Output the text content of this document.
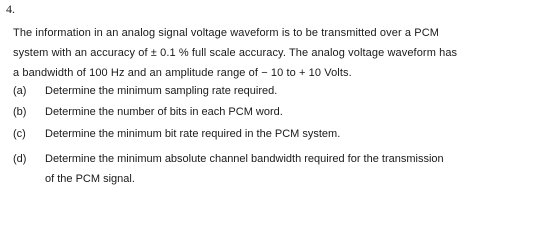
4.
The information in an analog signal voltage waveform is to be transmitted over a PCM
system with an accuracy of ± 0.1 % full scale accuracy. The analog voltage waveform has
a bandwidth of 100 Hz and an amplitude range of − 10 to + 10 Volts.
(a)	Determine the minimum sampling rate required.
(b)	Determine the number of bits in each PCM word.
(c)	Determine the minimum bit rate required in the PCM system.
(d)	Determine the minimum absolute channel bandwidth required for the transmission
of the PCM signal.
